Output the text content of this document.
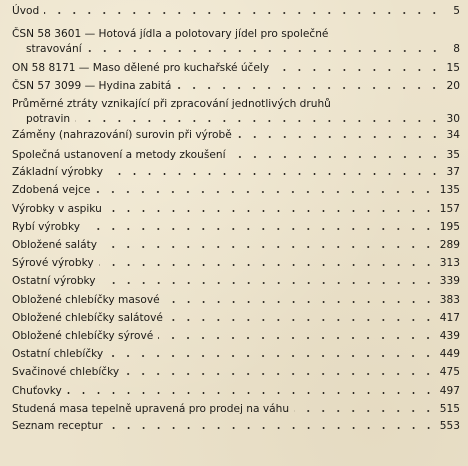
Úvod	5
ČSN 58 3601 — Hotová jídla a polotovary jídel pro společné
stravování	8
ON 58 8171 — Maso dělené pro kuchařské účely	15
ČSN 57 3099 — Hydina zabitá	20
Průměrné ztráty vznikající při zpracování jednotlivých druhů
potravin	30
Záměny (nahrazování) surovin při výrobě	34
Společná ustanovení a metody zkoušení	35
Základní výrobky	37
Zdobená vejce	135
Výrobky v aspiku	157
Rybí výrobky	195
Obložené saláty	289
Sýrové výrobky	313
Ostatní výrobky	339
Obložené chlebíčky masové	383
Obložené chlebíčky salátové	417
Obložené chlebíčky sýrové	439
Ostatní chlebíčky	449
Svačinové chlebíčky	475
Chuťovky	497
Studená masa tepelně upravená pro prodej na váhu	515
Seznam receptur	553
